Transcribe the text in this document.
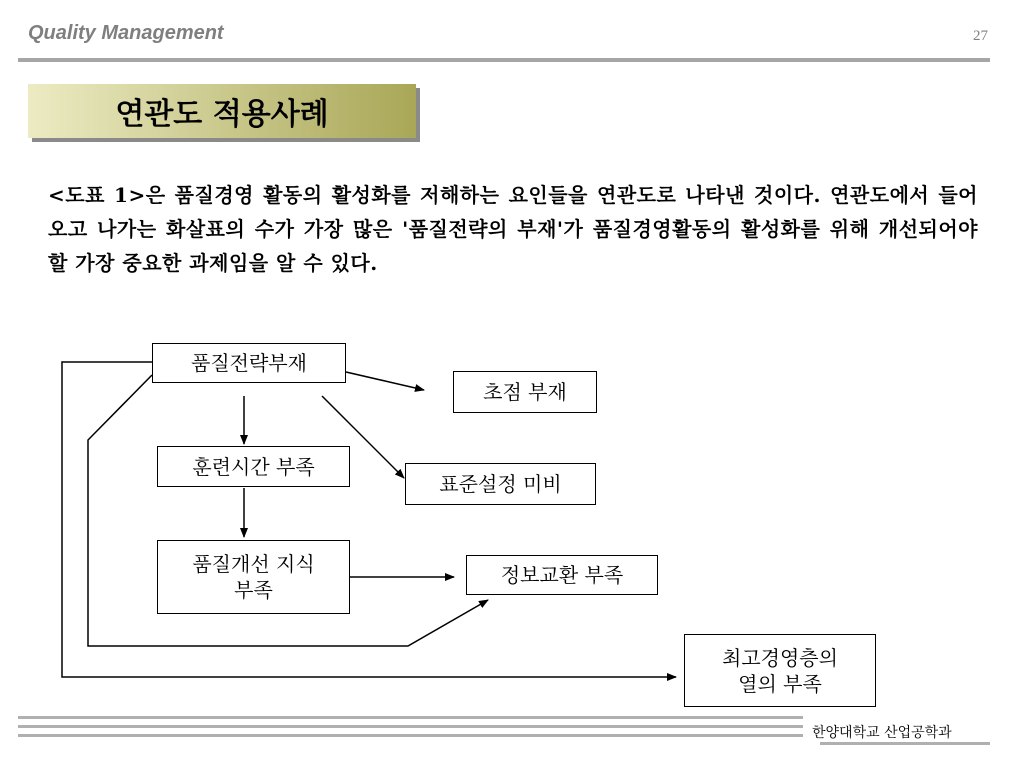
Quality Management	27
연관도 적용사례
<도표 1>은 품질경영 활동의 활성화를 저해하는 요인들을 연관도로 나타낸 것이다. 연관도에서 들어오고 나가는 화살표의 수가 가장 많은 '품질전략의 부재'가 품질경영활동의 활성화를 위해 개선되어야 할 가장 중요한 과제임을 알 수 있다.
품질전략부재
초점 부재
훈련시간 부족
표준설정 미비
품질개선 지식
부족
정보교환 부족
최고경영층의
열의 부족
한양대학교 산업공학과
